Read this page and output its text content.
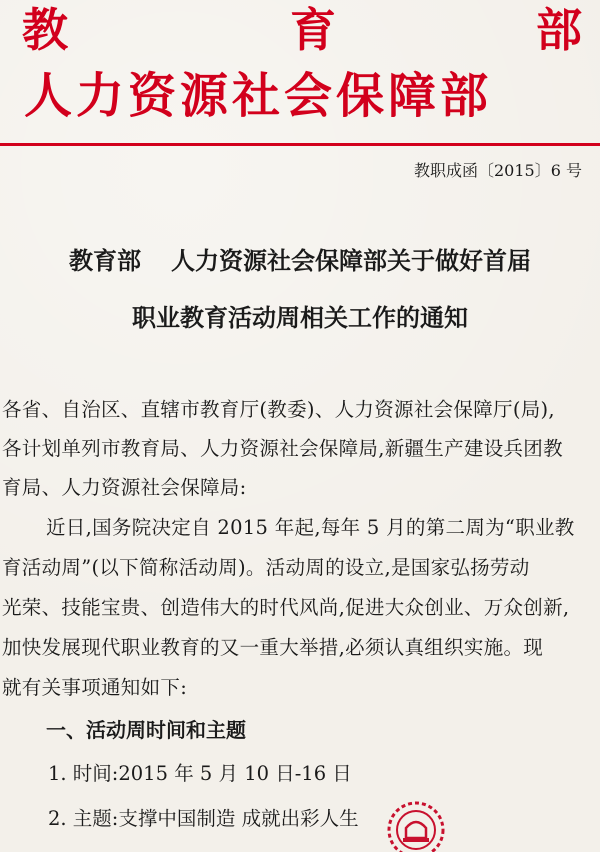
教	育	部
人力资源社会保障部
教职成函〔2015〕6 号
教育部 人力资源社会保障部关于做好首届
职业教育活动周相关工作的通知
各省、自治区、直辖市教育厅(教委)、人力资源社会保障厅(局),
各计划单列市教育局、人力资源社会保障局,新疆生产建设兵团教
育局、人力资源社会保障局:
近日,国务院决定自 2015 年起,每年 5 月的第二周为“职业教
育活动周”(以下简称活动周)。活动周的设立,是国家弘扬劳动
光荣、技能宝贵、创造伟大的时代风尚,促进大众创业、万众创新,
加快发展现代职业教育的又一重大举措,必须认真组织实施。现
就有关事项通知如下:
一、活动周时间和主题
1. 时间:2015 年 5 月 10 日-16 日
2. 主题:支撑中国制造 成就出彩人生
